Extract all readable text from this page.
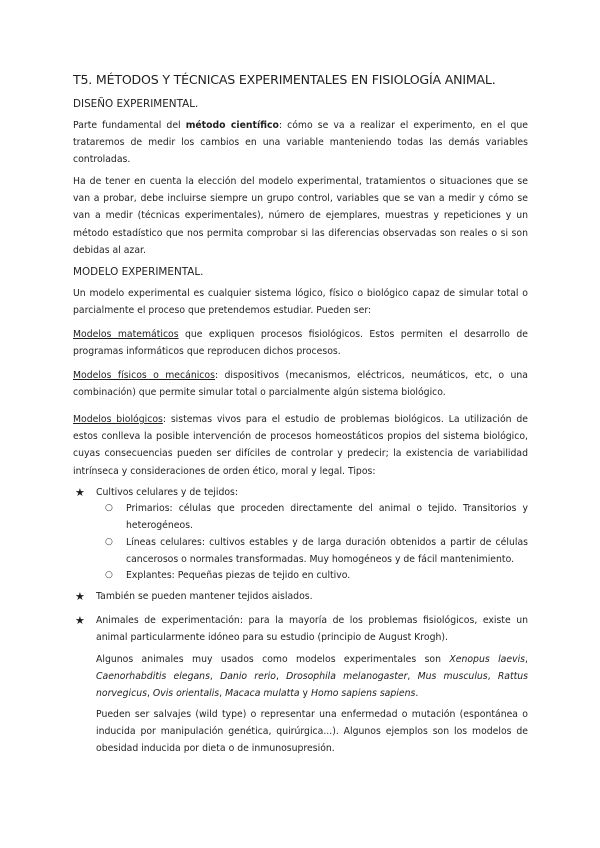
T5. MÉTODOS Y TÉCNICAS EXPERIMENTALES EN FISIOLOGÍA ANIMAL.
DISEÑO EXPERIMENTAL.
Parte fundamental del método científico: cómo se va a realizar el experimento, en el que
trataremos de medir los cambios en una variable manteniendo todas las demás variables
controladas.
Ha de tener en cuenta la elección del modelo experimental, tratamientos o situaciones que se
van a probar, debe incluirse siempre un grupo control, variables que se van a medir y cómo se
van a medir (técnicas experimentales), número de ejemplares, muestras y repeticiones y un
método estadístico que nos permita comprobar si las diferencias observadas son reales o si son
debidas al azar.
MODELO EXPERIMENTAL.
Un modelo experimental es cualquier sistema lógico, físico o biológico capaz de simular total o
parcialmente el proceso que pretendemos estudiar. Pueden ser:
Modelos matemáticos que expliquen procesos fisiológicos. Estos permiten el desarrollo de
programas informáticos que reproducen dichos procesos.
Modelos físicos o mecánicos: dispositivos (mecanismos, eléctricos, neumáticos, etc, o una
combinación) que permite simular total o parcialmente algún sistema biológico.
Modelos biológicos: sistemas vivos para el estudio de problemas biológicos. La utilización de
estos conlleva la posible intervención de procesos homeostáticos propios del sistema biológico,
cuyas consecuencias pueden ser difíciles de controlar y predecir; la existencia de variabilidad
intrínseca y consideraciones de orden ético, moral y legal. Tipos:
★ Cultivos celulares y de tejidos:
○ Primarios: células que proceden directamente del animal o tejido. Transitorios y
heterogéneos.
○ Líneas celulares: cultivos estables y de larga duración obtenidos a partir de células
cancerosos o normales transformadas. Muy homogéneos y de fácil mantenimiento.
○ Explantes: Pequeñas piezas de tejido en cultivo.
★ También se pueden mantener tejidos aislados.
★ Animales de experimentación: para la mayoría de los problemas fisiológicos, existe un
animal particularmente idóneo para su estudio (principio de August Krogh).
Algunos animales muy usados como modelos experimentales son Xenopus laevis,
Caenorhabditis elegans, Danio rerio, Drosophila melanogaster, Mus musculus, Rattus
norvegicus, Ovis orientalis, Macaca mulatta y Homo sapiens sapiens.
Pueden ser salvajes (wild type) o representar una enfermedad o mutación (espontánea o
inducida por manipulación genética, quirúrgica...). Algunos ejemplos son los modelos de
obesidad inducida por dieta o de inmunosupresión.
